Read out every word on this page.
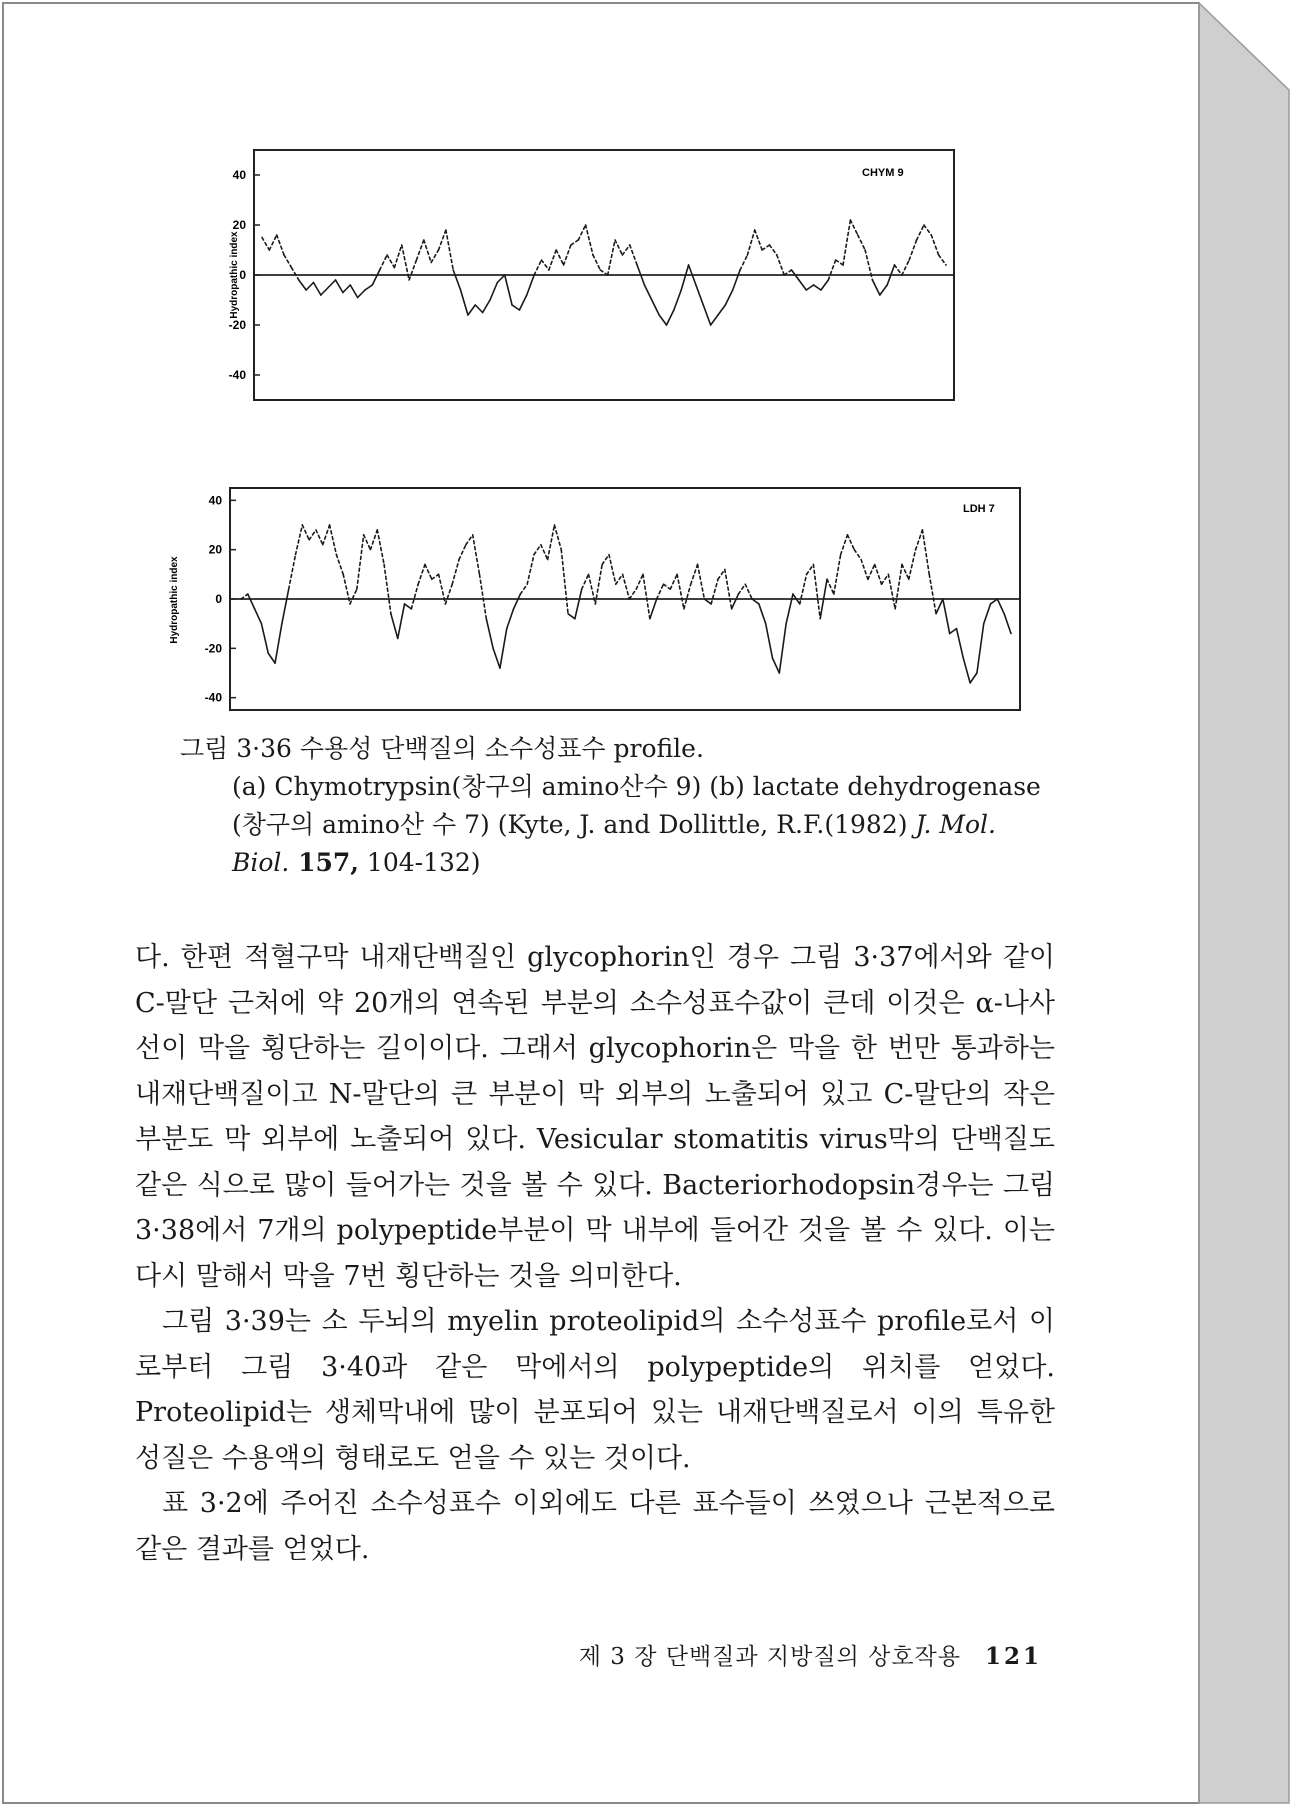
40
20
0
-20
-40
CHYM 9
Hydropathic index
40
20
0
-20
-40
LDH 7
Hydropathic index

그림 3·36 수용성 단백질의 소수성표수 profile.

(a) Chymotrypsin(창구의 amino산수 9) (b) lactate dehydrogenase

(창구의 amino산 수 7) (Kyte, J. and Dollittle, R.F.(1982) J. Mol.

Biol. 157, 104-132)

다. 한편 적혈구막 내재단백질인 glycophorin인 경우 그림 3·37에서와 같이 C-말단 근처에 약 20개의 연속된 부분의 소수성표수값이 큰데 이것은 α-나사선이 막을 횡단하는 길이이다. 그래서 glycophorin은 막을 한 번만 통과하는 내재단백질이고 N-말단의 큰 부분이 막 외부의 노출되어 있고 C-말단의 작은 부분도 막 외부에 노출되어 있다. Vesicular stomatitis virus막의 단백질도 같은 식으로 많이 들어가는 것을 볼 수 있다. Bacteriorhodopsin경우는 그림 3·38에서 7개의 polypeptide부분이 막 내부에 들어간 것을 볼 수 있다. 이는 다시 말해서 막을 7번 횡단하는 것을 의미한다.

그림 3·39는 소 두뇌의 myelin proteolipid의 소수성표수 profile로서 이로부터 그림 3·40과 같은 막에서의 polypeptide의 위치를 얻었다. Proteolipid는 생체막내에 많이 분포되어 있는 내재단백질로서 이의 특유한 성질은 수용액의 형태로도 얻을 수 있는 것이다.

표 3·2에 주어진 소수성표수 이외에도 다른 표수들이 쓰였으나 근본적으로 같은 결과를 얻었다.

제 3 장 단백질과 지방질의 상호작용 121
